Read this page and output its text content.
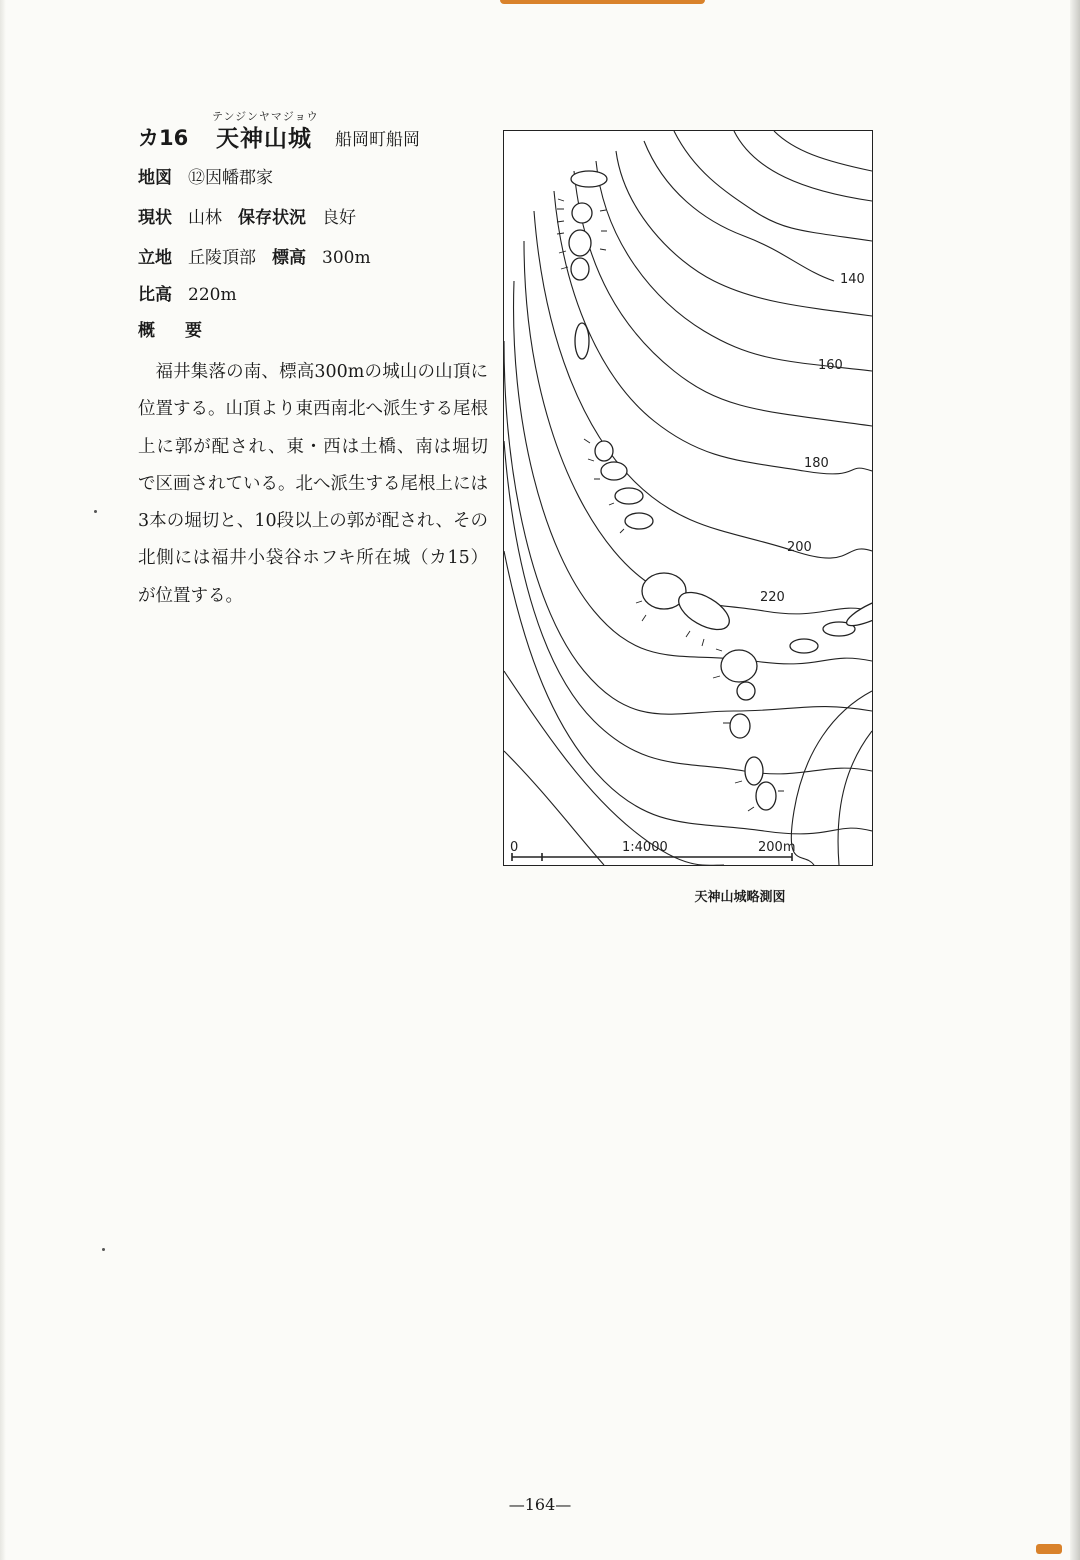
テンジンヤマジョウ
カ16 天神山城 船岡町船岡
地図 ⑫因幡郡家
現状 山林 保存状況 良好
立地 丘陵頂部 標高 300m
比高 220m
概要

福井集落の南、標高300mの城山の山頂に位置する。山頂より東西南北へ派生する尾根上に郭が配され、東・西は土橋、南は堀切で区画されている。北へ派生する尾根上には3本の堀切と、10段以上の郭が配され、その北側には福井小袋谷ホフキ所在城（カ15）が位置する。

140
160
180
200
220
0	1:4000	200m
天神山城略測図
—164—
